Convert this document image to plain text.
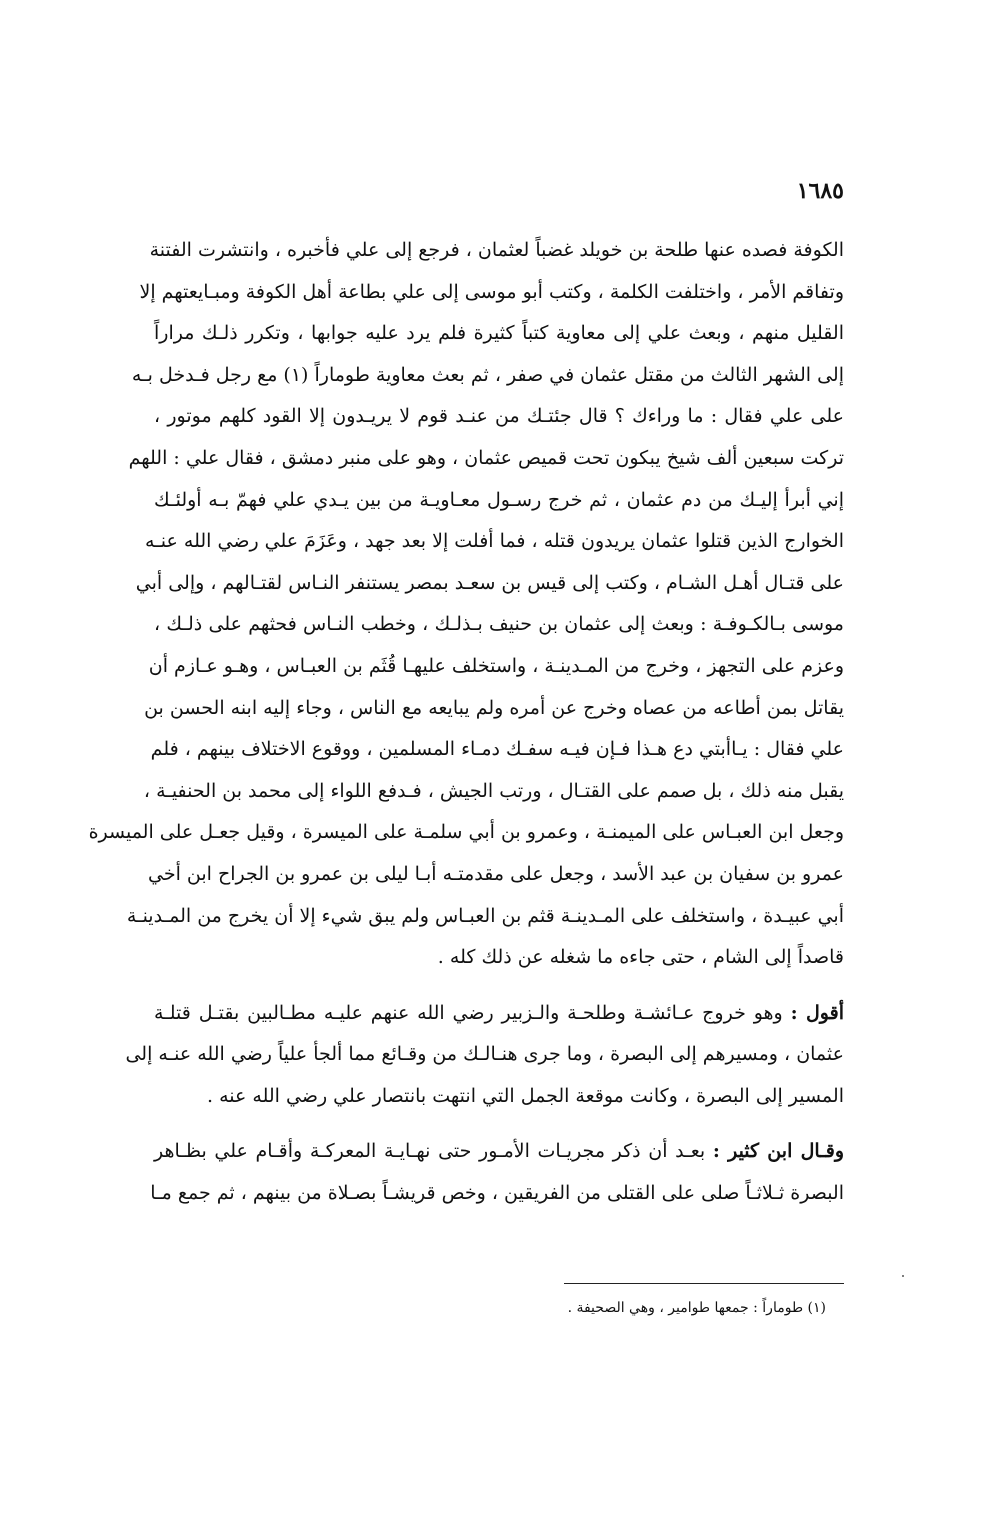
١٦٨٥

الكوفة فصده عنها طلحة بن خويلد غضباً لعثمان ، فرجع إلى علي فأخبره ، وانتشرت الفتنة
وتفاقم الأمر ، واختلفت الكلمة ، وكتب أبو موسى إلى علي بطاعة أهل الكوفة ومبـايعتهم إلا
القليل منهم ، وبعث علي إلى معاوية كتباً كثيرة فلم يرد عليه جوابها ، وتكرر ذلـك مراراً
إلى الشهر الثالث من مقتل عثمان في صفر ، ثم بعث معاوية طوماراً (١) مع رجل فـدخل بـه
على علي فقال : ما وراءك ؟ قال جئتـك من عنـد قوم لا يريـدون إلا القود كلهم موتور ،
تركت سبعين ألف شيخ يبكون تحت قميص عثمان ، وهو على منبر دمشق ، فقال علي : اللهم
إني أبرأ إليـك من دم عثمان ، ثم خرج رسـول معـاويـة من بين يـدي علي فهمّ بـه أولئـك
الخوارج الذين قتلوا عثمان يريدون قتله ، فما أفلت إلا بعد جهد ، وعَزَمَ علي رضي الله عنـه
على قتـال أهـل الشـام ، وكتب إلى قيس بن سعـد بمصر يستنفر النـاس لقتـالهم ، وإلى أبي
موسى بـالكـوفـة : وبعث إلى عثمان بن حنيف بـذلـك ، وخطب النـاس فحثهم على ذلـك ،
وعزم على التجهز ، وخرج من المـدينـة ، واستخلف عليهـا قُثَم بن العبـاس ، وهـو عـازم أن
يقاتل بمن أطاعه من عصاه وخرج عن أمره ولم يبايعه مع الناس ، وجاء إليه ابنه الحسن بن
علي فقال : يـاأبتي دع هـذا فـإن فيـه سفـك دمـاء المسلمين ، ووقوع الاختلاف بينهم ، فلم
يقبل منه ذلك ، بل صمم على القتـال ، ورتب الجيش ، فـدفع اللواء إلى محمد بن الحنفيـة ،
وجعل ابن العبـاس على الميمنـة ، وعمرو بن أبي سلمـة على الميسرة ، وقيل جعـل على الميسرة
عمرو بن سفيان بن عبد الأسد ، وجعل على مقدمتـه أبـا ليلى بن عمرو بن الجراح ابن أخي
أبي عبيـدة ، واستخلف على المـدينـة قثم بن العبـاس ولم يبق شيء إلا أن يخرج من المـدينـة
قاصداً إلى الشام ، حتى جاءه ما شغله عن ذلك كله .

أقول : وهو خروج عـائشـة وطلحـة والـزبير رضي الله عنهم عليـه مطـالبين بقتـل قتلـة
عثمان ، ومسيرهم إلى البصرة ، وما جرى هنـالـك من وقـائع مما ألجأ علياً رضي الله عنـه إلى
المسير إلى البصرة ، وكانت موقعة الجمل التي انتهت بانتصار علي رضي الله عنه .

وقـال ابن كثير : بعـد أن ذكر مجريـات الأمـور حتى نهـايـة المعركـة وأقـام علي بظـاهر
البصرة ثـلاثـاً صلى على القتلى من الفريقين ، وخص قريشـاً بصـلاة من بينهم ، ثم جمع مـا

(١) طوماراً : جمعها طوامير ، وهي الصحيفة .
